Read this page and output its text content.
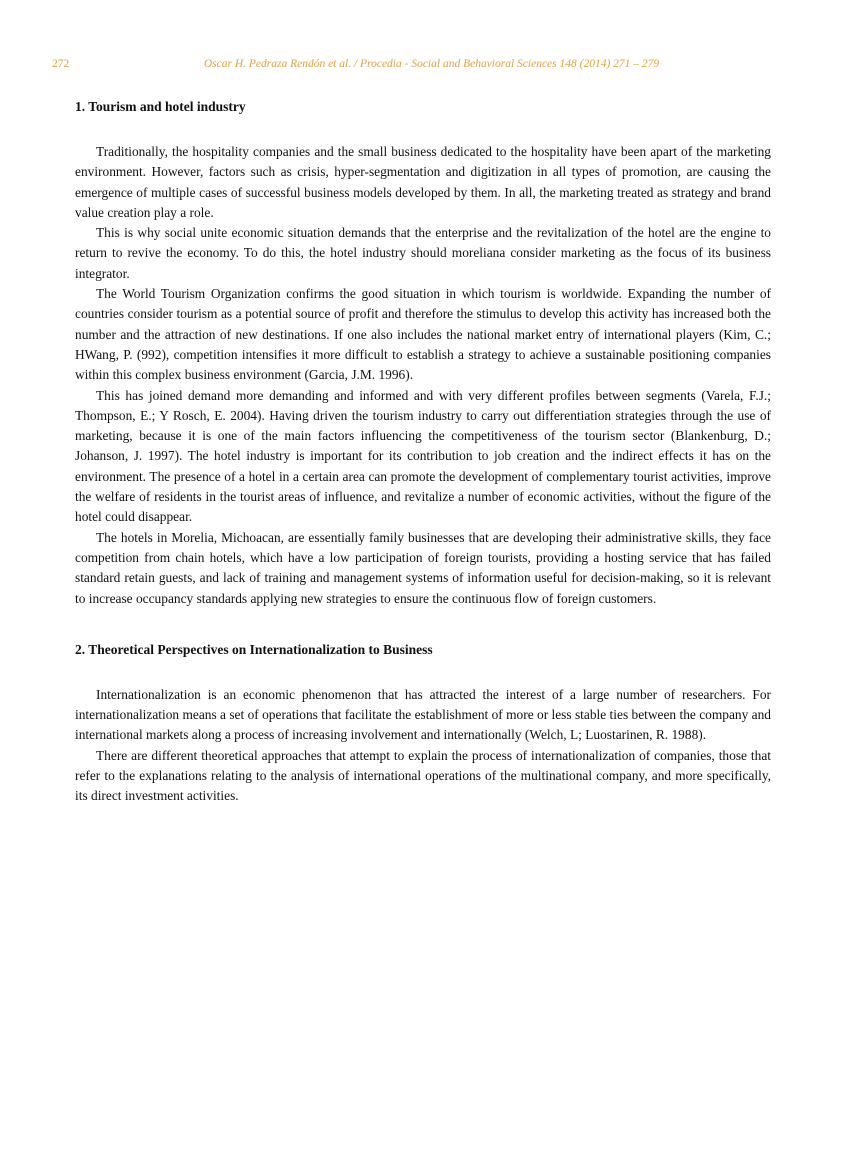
272	Oscar H. Pedraza Rendón et al. / Procedia - Social and Behavioral Sciences 148 (2014) 271 – 279
1. Tourism and hotel industry

Traditionally, the hospitality companies and the small business dedicated to the hospitality have been apart of the marketing environment. However, factors such as crisis, hyper-segmentation and digitization in all types of promotion, are causing the emergence of multiple cases of successful business models developed by them. In all, the marketing treated as strategy and brand value creation play a role.

This is why social unite economic situation demands that the enterprise and the revitalization of the hotel are the engine to return to revive the economy. To do this, the hotel industry should moreliana consider marketing as the focus of its business integrator.

The World Tourism Organization confirms the good situation in which tourism is worldwide. Expanding the number of countries consider tourism as a potential source of profit and therefore the stimulus to develop this activity has increased both the number and the attraction of new destinations. If one also includes the national market entry of international players (Kim, C.; HWang, P. (992), competition intensifies it more difficult to establish a strategy to achieve a sustainable positioning companies within this complex business environment (Garcia, J.M. 1996).

This has joined demand more demanding and informed and with very different profiles between segments (Varela, F.J.; Thompson, E.; Y Rosch, E. 2004). Having driven the tourism industry to carry out differentiation strategies through the use of marketing, because it is one of the main factors influencing the competitiveness of the tourism sector (Blankenburg, D.; Johanson, J. 1997). The hotel industry is important for its contribution to job creation and the indirect effects it has on the environment. The presence of a hotel in a certain area can promote the development of complementary tourist activities, improve the welfare of residents in the tourist areas of influence, and revitalize a number of economic activities, without the figure of the hotel could disappear.

The hotels in Morelia, Michoacan, are essentially family businesses that are developing their administrative skills, they face competition from chain hotels, which have a low participation of foreign tourists, providing a hosting service that has failed standard retain guests, and lack of training and management systems of information useful for decision-making, so it is relevant to increase occupancy standards applying new strategies to ensure the continuous flow of foreign customers.

2. Theoretical Perspectives on Internationalization to Business

Internationalization is an economic phenomenon that has attracted the interest of a large number of researchers. For internationalization means a set of operations that facilitate the establishment of more or less stable ties between the company and international markets along a process of increasing involvement and internationally (Welch, L; Luostarinen, R. 1988).

There are different theoretical approaches that attempt to explain the process of internationalization of companies, those that refer to the explanations relating to the analysis of international operations of the multinational company, and more specifically, its direct investment activities.
